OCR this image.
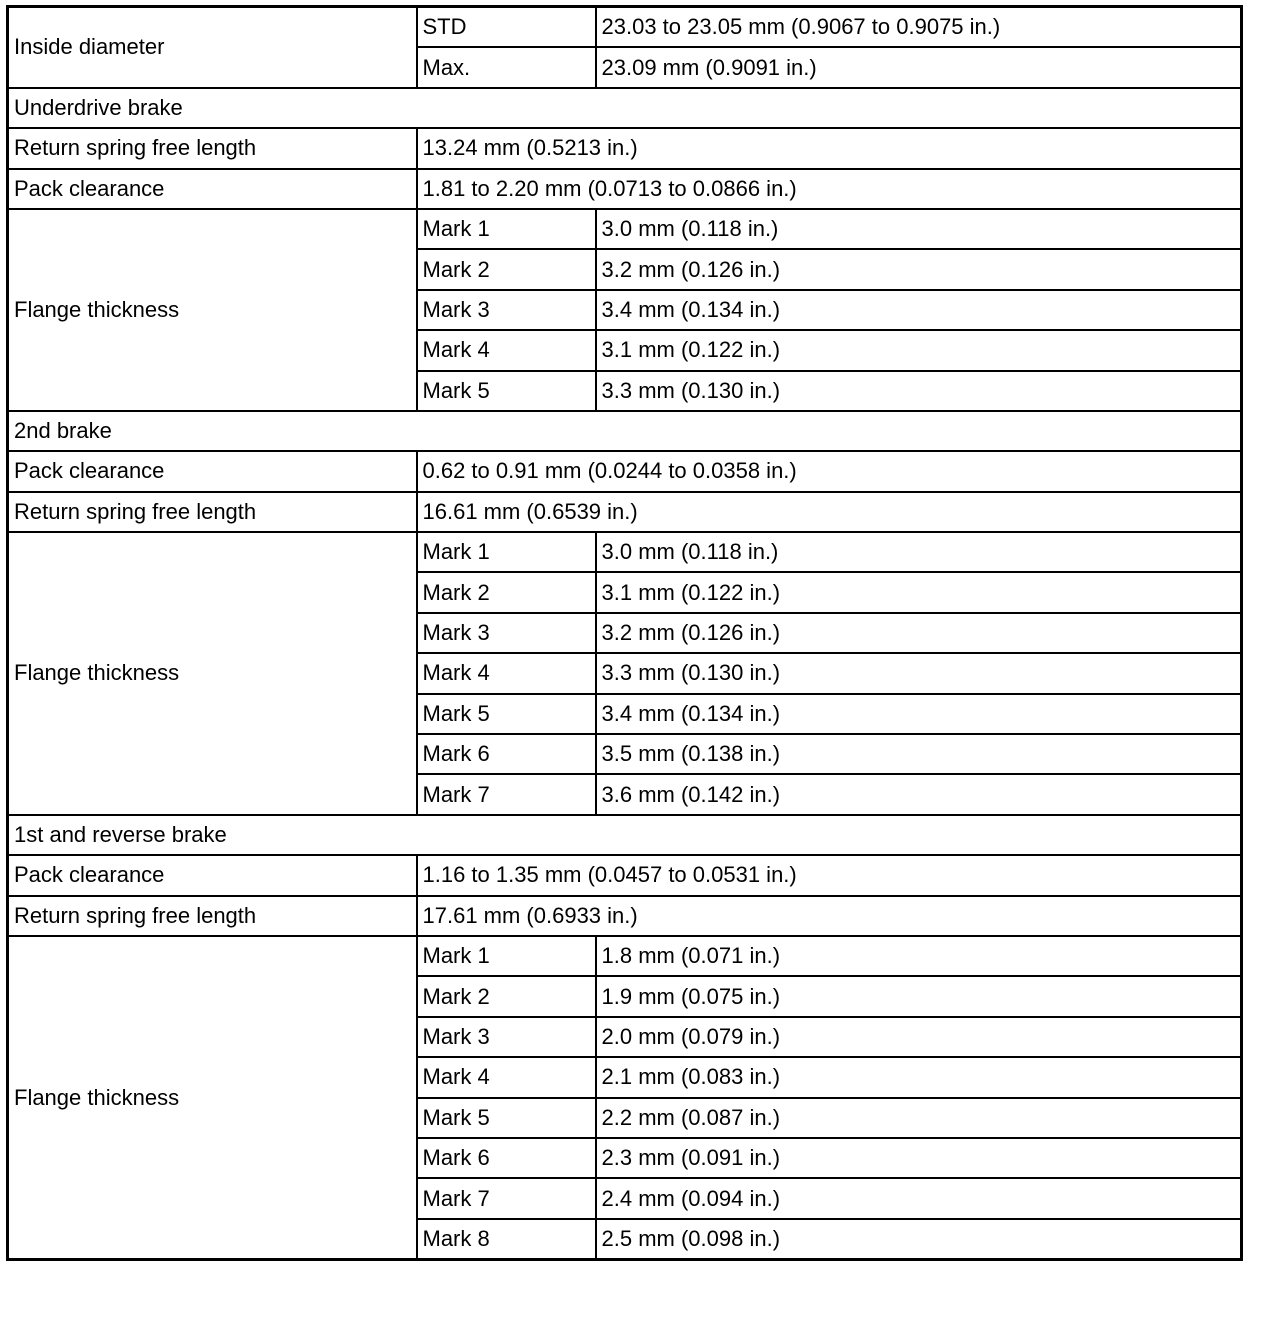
Inside diameter	STD	23.03 to 23.05 mm (0.9067 to 0.9075 in.)
	Max.	23.09 mm (0.9091 in.)
Underdrive brake		
Return spring free length	13.24 mm (0.5213 in.)	
Pack clearance	1.81 to 2.20 mm (0.0713 to 0.0866 in.)	
Flange thickness	Mark 1	3.0 mm (0.118 in.)
	Mark 2	3.2 mm (0.126 in.)
	Mark 3	3.4 mm (0.134 in.)
	Mark 4	3.1 mm (0.122 in.)
	Mark 5	3.3 mm (0.130 in.)
2nd brake		
Pack clearance	0.62 to 0.91 mm (0.0244 to 0.0358 in.)	
Return spring free length	16.61 mm (0.6539 in.)	
Flange thickness	Mark 1	3.0 mm (0.118 in.)
	Mark 2	3.1 mm (0.122 in.)
	Mark 3	3.2 mm (0.126 in.)
	Mark 4	3.3 mm (0.130 in.)
	Mark 5	3.4 mm (0.134 in.)
	Mark 6	3.5 mm (0.138 in.)
	Mark 7	3.6 mm (0.142 in.)
1st and reverse brake		
Pack clearance	1.16 to 1.35 mm (0.0457 to 0.0531 in.)	
Return spring free length	17.61 mm (0.6933 in.)	
Flange thickness	Mark 1	1.8 mm (0.071 in.)
	Mark 2	1.9 mm (0.075 in.)
	Mark 3	2.0 mm (0.079 in.)
	Mark 4	2.1 mm (0.083 in.)
	Mark 5	2.2 mm (0.087 in.)
	Mark 6	2.3 mm (0.091 in.)
	Mark 7	2.4 mm (0.094 in.)
	Mark 8	2.5 mm (0.098 in.)
